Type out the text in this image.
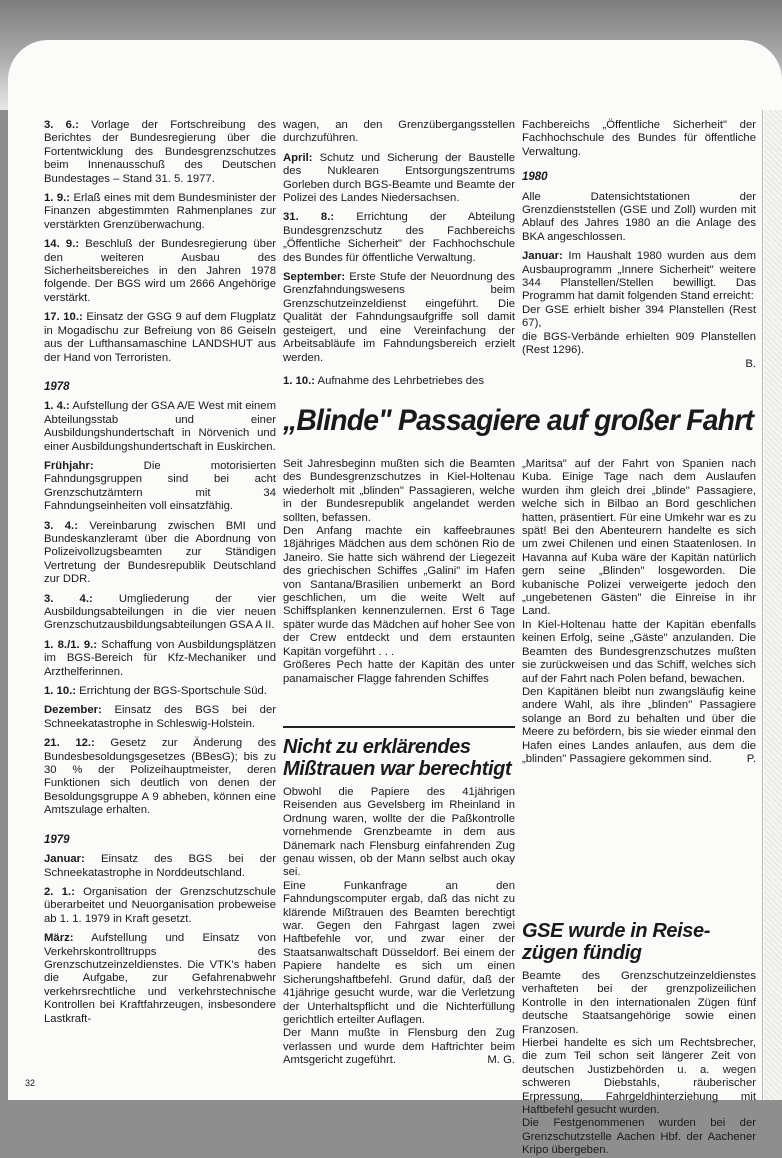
3. 6.: Vorlage der Fortschreibung des Berichtes der Bundesregierung über die Fortentwicklung des Bundesgrenzschutzes beim Innenausschuß des Deutschen Bundestages – Stand 31. 5. 1977.

1. 9.: Erlaß eines mit dem Bundesminister der Finanzen abgestimmten Rahmenplanes zur verstärkten Grenzüberwachung.

14. 9.: Beschluß der Bundesregierung über den weiteren Ausbau des Sicherheitsbereiches in den Jahren 1978 folgende. Der BGS wird um 2666 Angehörige verstärkt.

17. 10.: Einsatz der GSG 9 auf dem Flugplatz in Mogadischu zur Befreiung von 86 Geiseln aus der Lufthansamaschine LANDSHUT aus der Hand von Terroristen.

1978

1. 4.: Aufstellung der GSA A/E West mit einem Abteilungsstab und einer Ausbildungshundertschaft in Nörvenich und einer Ausbildungshundertschaft in Euskirchen.

Frühjahr: Die motorisierten Fahndungsgruppen sind bei acht Grenzschutzämtern mit 34 Fahndungseinheiten voll einsatzfähig.

3. 4.: Vereinbarung zwischen BMI und Bundeskanzleramt über die Abordnung von Polizeivollzugsbeamten zur Ständigen Vertretung der Bundesrepublik Deutschland zur DDR.

3. 4.: Umgliederung der vier Ausbildungsabteilungen in die vier neuen Grenzschutzausbildungsabteilungen GSA A II.

1. 8./1. 9.: Schaffung von Ausbildungsplätzen im BGS-Bereich für Kfz-Mechaniker und Arzthelferinnen.

1. 10.: Errichtung der BGS-Sportschule Süd.

Dezember: Einsatz des BGS bei der Schneekatastrophe in Schleswig-Holstein.

21. 12.: Gesetz zur Änderung des Bundesbesoldungsgesetzes (BBesG); bis zu 30 % der Polizeihauptmeister, deren Funktionen sich deutlich von denen der Besoldungsgruppe A 9 abheben, können eine Amtszulage erhalten.

1979

Januar: Einsatz des BGS bei der Schneekatastrophe in Norddeutschland.

2. 1.: Organisation der Grenzschutzschule überarbeitet und Neuorganisation probeweise ab 1. 1. 1979 in Kraft gesetzt.

März: Aufstellung und Einsatz von Verkehrskontrolltrupps des Grenzschutzeinzeldienstes. Die VTK's haben die Aufgabe, zur Gefahrenabwehr verkehrsrechtliche und verkehrstechnische Kontrollen bei Kraftfahrzeugen, insbesondere Lastkraft-

32

wagen, an den Grenzübergangsstellen durchzuführen.

April: Schutz und Sicherung der Baustelle des Nuklearen Entsorgungszentrums Gorleben durch BGS-Beamte und Beamte der Polizei des Landes Niedersachsen.

31. 8.: Errichtung der Abteilung Bundesgrenzschutz des Fachbereichs „Öffentliche Sicherheit" der Fachhochschule des Bundes für öffentliche Verwaltung.

September: Erste Stufe der Neuordnung des Grenzfahndungswesens beim Grenzschutzeinzeldienst eingeführt. Die Qualität der Fahndungsaufgriffe soll damit gesteigert, und eine Vereinfachung der Arbeitsabläufe im Fahndungsbereich erzielt werden.

1. 10.: Aufnahme des Lehrbetriebes des

Fachbereichs „Öffentliche Sicherheit" der Fachhochschule des Bundes für öffentliche Verwaltung.

1980

Alle Datensichtstationen der Grenzdienststellen (GSE und Zoll) wurden mit Ablauf des Jahres 1980 an die Anlage des BKA angeschlossen.

Januar: Im Haushalt 1980 wurden aus dem Ausbauprogramm „Innere Sicherheit" weitere 344 Planstellen/Stellen bewilligt. Das Programm hat damit folgenden Stand erreicht:

Der GSE erhielt bisher 394 Planstellen (Rest 67),

die BGS-Verbände erhielten 909 Planstellen (Rest 1296).

B.

„Blinde" Passagiere auf großer Fahrt

Seit Jahresbeginn mußten sich die Beamten des Bundesgrenzschutzes in Kiel-Holtenau wiederholt mit „blinden" Passagieren, welche in der Bundesrepublik angelandet werden sollten, befassen.

Den Anfang machte ein kaffeebraunes 18jähriges Mädchen aus dem schönen Rio de Janeiro. Sie hatte sich während der Liegezeit des griechischen Schiffes „Galini" im Hafen von Santana/Brasilien unbemerkt an Bord geschlichen, um die weite Welt auf Schiffsplanken kennenzulernen. Erst 6 Tage später wurde das Mädchen auf hoher See von der Crew entdeckt und dem erstaunten Kapitän vorgeführt . . .

Größeres Pech hatte der Kapitän des unter panamaischer Flagge fahrenden Schiffes

„Maritsa" auf der Fahrt von Spanien nach Kuba. Einige Tage nach dem Auslaufen wurden ihm gleich drei „blinde" Passagiere, welche sich in Bilbao an Bord geschlichen hatten, präsentiert. Für eine Umkehr war es zu spät! Bei den Abenteurern handelte es sich um zwei Chilenen und einen Staatenlosen. In Havanna auf Kuba wäre der Kapitän natürlich gern seine „Blinden" losgeworden. Die kubanische Polizei verweigerte jedoch den „ungebetenen Gästen" die Einreise in ihr Land.

In Kiel-Holtenau hatte der Kapitän ebenfalls keinen Erfolg, seine „Gäste" anzulanden. Die Beamten des Bundesgrenzschutzes mußten sie zurückweisen und das Schiff, welches sich auf der Fahrt nach Polen befand, bewachen.

Den Kapitänen bleibt nun zwangsläufig keine andere Wahl, als ihre „blinden" Passagiere solange an Bord zu behalten und über die Meere zu befördern, bis sie wieder einmal den Hafen eines Landes anlaufen, aus dem die „blinden" Passagiere gekommen sind.	P.

Nicht zu erklärendes
Mißtrauen war berechtigt

Obwohl die Papiere des 41jährigen Reisenden aus Gevelsberg im Rheinland in Ordnung waren, wollte der die Paßkontrolle vornehmende Grenzbeamte in dem aus Dänemark nach Flensburg einfahrenden Zug genau wissen, ob der Mann selbst auch okay sei.

Eine Funkanfrage an den Fahndungscomputer ergab, daß das nicht zu klärende Mißtrauen des Beamten berechtigt war. Gegen den Fahrgast lagen zwei Haftbefehle vor, und zwar einer der Staatsanwaltschaft Düsseldorf. Bei einem der Papiere handelte es sich um einen Sicherungshaftbefehl. Grund dafür, daß der 41jährige gesucht wurde, war die Verletzung der Unterhaltspflicht und die Nichterfüllung gerichtlich erteilter Auflagen.

Der Mann mußte in Flensburg den Zug verlassen und wurde dem Haftrichter beim Amtsgericht zugeführt.	M. G.

GSE wurde in Reise-
zügen fündig

Beamte des Grenzschutzeinzeldienstes verhafteten bei der grenzpolizeilichen Kontrolle in den internationalen Zügen fünf deutsche Staatsangehörige sowie einen Franzosen.

Hierbei handelte es sich um Rechtsbrecher, die zum Teil schon seit längerer Zeit von deutschen Justizbehörden u. a. wegen schweren Diebstahls, räuberischer Erpressung, Fahrgeldhinterziehung mit Haftbefehl gesucht wurden.

Die Festgenommenen wurden bei der Grenzschutzstelle Aachen Hbf. der Aachener Kripo übergeben.
